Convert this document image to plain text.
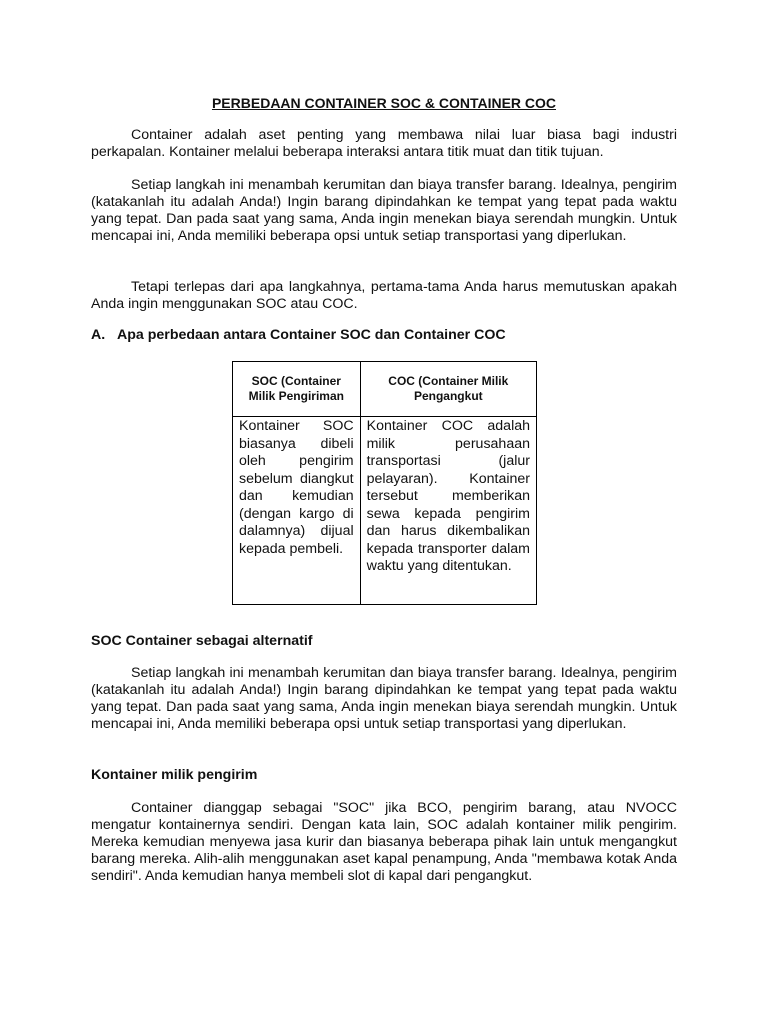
PERBEDAAN CONTAINER SOC & CONTAINER COC

Container adalah aset penting yang membawa nilai luar biasa bagi industri perkapalan. Kontainer melalui beberapa interaksi antara titik muat dan titik tujuan.

Setiap langkah ini menambah kerumitan dan biaya transfer barang. Idealnya, pengirim (katakanlah itu adalah Anda!) Ingin barang dipindahkan ke tempat yang tepat pada waktu yang tepat. Dan pada saat yang sama, Anda ingin menekan biaya serendah mungkin. Untuk mencapai ini, Anda memiliki beberapa opsi untuk setiap transportasi yang diperlukan.

Tetapi terlepas dari apa langkahnya, pertama-tama Anda harus memutuskan apakah Anda ingin menggunakan SOC atau COC.

A. Apa perbedaan antara Container SOC dan Container COC
SOC (Container Milik Pengiriman	COC (Container Milik Pengangkut
Kontainer SOC biasanya dibeli oleh pengirim sebelum diangkut dan kemudian (dengan kargo di dalamnya) dijual kepada pembeli.	Kontainer COC adalah milik perusahaan transportasi (jalur pelayaran). Kontainer tersebut memberikan sewa kepada pengirim dan harus dikembalikan kepada transporter dalam waktu yang ditentukan.
SOC Container sebagai alternatif

Setiap langkah ini menambah kerumitan dan biaya transfer barang. Idealnya, pengirim (katakanlah itu adalah Anda!) Ingin barang dipindahkan ke tempat yang tepat pada waktu yang tepat. Dan pada saat yang sama, Anda ingin menekan biaya serendah mungkin. Untuk mencapai ini, Anda memiliki beberapa opsi untuk setiap transportasi yang diperlukan.

Kontainer milik pengirim

Container dianggap sebagai "SOC" jika BCO, pengirim barang, atau NVOCC mengatur kontainernya sendiri. Dengan kata lain, SOC adalah kontainer milik pengirim. Mereka kemudian menyewa jasa kurir dan biasanya beberapa pihak lain untuk mengangkut barang mereka. Alih-alih menggunakan aset kapal penampung, Anda "membawa kotak Anda sendiri". Anda kemudian hanya membeli slot di kapal dari pengangkut.
